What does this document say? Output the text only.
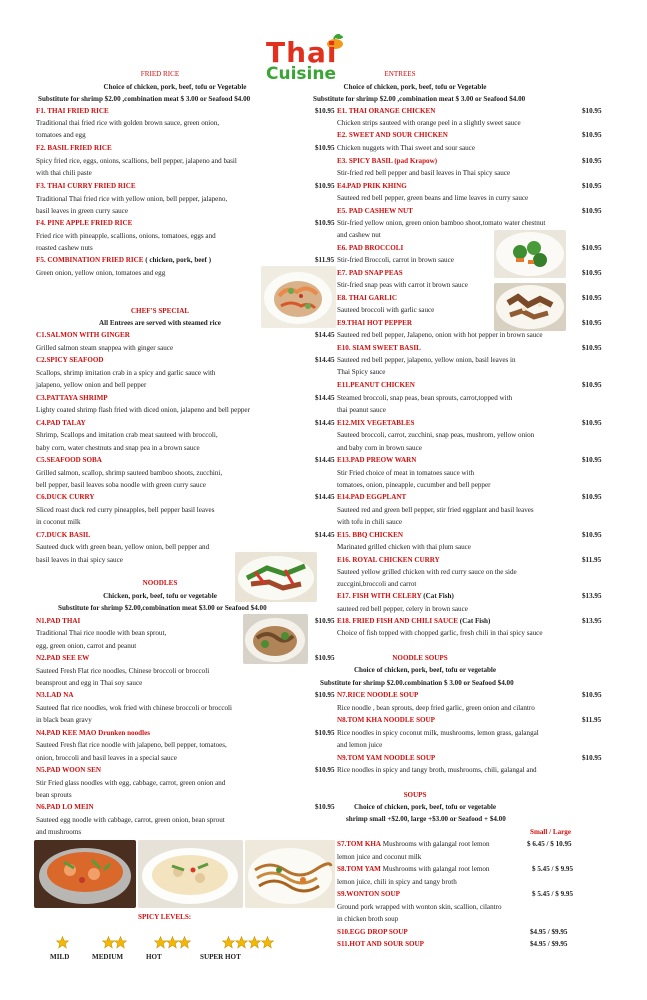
Thai
Cuisine
FRIED RICE
Choice of chicken, pork, beef, tofu or Vegetable
Substitute for shrimp $2.00 ,combination meat $ 3.00 or Seafood $4.00
F1. THAI FRIED RICE	$10.95
Traditional thai fried rice with golden brown sauce, green onion,
tomatoes and egg
F2. BASIL FRIED RICE	$10.95
Spicy fried rice, eggs, onions, scallions, bell pepper, jalapeno and basil
with thai chili paste
F3. THAI CURRY FRIED RICE	$10.95
Traditional Thai fried rice with yellow onion, bell pepper, jalapeno,
basil leaves in green curry sauce
F4. PINE APPLE FRIED RICE	$10.95
Fried rice with pineapple, scallions, onions, tomatoes, eggs and
roasted cashew nuts
F5. COMBINATION FRIED RICE ( chicken, pork, beef )	$11.95
Green onion, yellow onion, tomatoes and egg
CHEF'S SPECIAL
All Entrees are served with steamed rice
C1.SALMON WITH GINGER	$14.45
Grilled salmon steam snappea with ginger sauce
C2.SPICY SEAFOOD	$14.45
Scallops, shrimp imitation crab in a spicy and garlic sauce with
jalapeno, yellow onion and bell pepper
C3.PATTAYA SHRIMP	$14.45
Lighty coated shrimp flash fried with diced onion, jalapeno and bell pepper
C4.PAD TALAY	$14.45
Shrimp, Scallops and imitation crab meat sauteed with broccoli,
baby corn, water chestnuts and snap pea in a brown sauce
C5.SEAFOOD SOBA	$14.45
Grilled salmon, scallop, shrimp sauteed bamboo shoots, zucchini,
bell pepper, basil leaves soba noodle with green curry sauce
C6.DUCK CURRY	$14.45
Sliced roast duck red curry pineapples, bell pepper basil leaves
in coconut milk
C7.DUCK BASIL	$14.45
Sauteed duck with green bean, yellow onion, bell pepper and
basil leaves in thai spicy sauce
NOODLES
Chicken, pork, beef, tofu or vegetable
Substitute for shrimp $2.00,combination meat $3.00 or Seafood $4.00
N1.PAD THAI	$10.95
Traditional Thai rice noodle with bean sprout,
egg, green onion, carrot and peanut
N2.PAD SEE EW	$10.95
Sauteed Fresh Flat rice noodles, Chinese broccoli or broccoli
beansprout and egg in Thai soy sauce
N3.LAD NA	$10.95
Sauteed flat rice noodles, wok fried with chinese broccoli or broccoli
in black bean gravy
N4.PAD KEE MAO Drunken noodles	$10.95
Sauteed Fresh flat rice noodle with jalapeno, bell pepper, tomatoes,
onion, broccoli and basil leaves in a special sauce
N5.PAD WOON SEN	$10.95
Stir Fried glass noodles with egg, cabbage, carrot, green onion and
bean sprouts
N6.PAD LO MEIN	$10.95
Sauteed egg noodle with cabbage, carrot, green onion, bean sprout
and mushrooms
SPICY LEVELS:
MILD	MEDIUM	HOT	SUPER HOT
ENTREES
Choice of chicken, pork, beef, tofu or Vegetable
Substitute for shrimp $2.00 ,combination meat $ 3.00 or Seafood $4.00
E1. THAI ORANGE CHICKEN	$10.95
Chicken strips sauteed with orange peel in a slightly sweet sauce
E2. SWEET AND SOUR CHICKEN	$10.95
Chicken nuggets with Thai sweet and sour sauce
E3. SPICY BASIL (pad Krapow)	$10.95
Stir-fried red bell pepper and basil leaves in Thai spicy sauce
E4.PAD PRIK KHING	$10.95
Sauteed red bell pepper, green beans and lime leaves in curry sauce
E5. PAD CASHEW NUT	$10.95
Stir-fried yellow onion, green onion bamboo shoot,tomato water chestnut
and cashew nut
E6. PAD BROCCOLI	$10.95
Stir-fried Broccoli, carrot in brown sauce
E7. PAD SNAP PEAS	$10.95
Stir-fried snap peas with carrot it brown sauce
E8. THAI GARLIC	$10.95
Sauteed broccoli with garlic sauce
E9.THAI HOT PEPPER	$10.95
Sauteed red bell pepper, Jalapeno, onion with hot pepper in brown sauce
E10. SIAM SWEET BASIL	$10.95
Sauteed red bell pepper, jalapeno, yellow onion, basil leaves in
Thai Spicy sauce
E11.PEANUT CHICKEN	$10.95
Steamed broccoli, snap peas, bean sprouts, carrot,topped with
thai peanut sauce
E12.MIX VEGETABLES	$10.95
Sauteed broccoli, carrot, zucchini, snap peas, mushrom, yellow onion
and baby corn in brown sauce
E13.PAD PREOW WARN	$10.95
Stir Fried choice of meat in tomatoes sauce with
tomatoes, onion, pineapple, cucumber and bell pepper
E14.PAD EGGPLANT	$10.95
Sauteed red and green bell pepper, stir fried eggplant and basil leaves
with tofu in chili sauce
E15. BBQ CHICKEN	$10.95
Marinated grilled chicken with thai plum sauce
E16. ROYAL CHICKEN CURRY	$11.95
Sauteed yellow grilled chicken with red curry sauce on the side
zuccgini,broccoli and carrot
E17. FISH WITH CELERY (Cat Fish)	$13.95
sauteed red bell pepper, celery in brown sauce
E18. FRIED FISH AND CHILI SAUCE (Cat Fish)	$13.95
Choice of fish topped with chopped garlic, fresh chili in thai spicy sauce
NOODLE SOUPS
Choice of chicken, pork, beef, tofu or vegetable
Substitute for shrimp $2.00.combination $ 3.00 or Seafood $4.00
N7.RICE NOODLE SOUP	$10.95
Rice noodle , bean sprouts, deep fried garlic, green onion and cilantro
N8.TOM KHA NOODLE SOUP	$11.95
Rice noodles in spicy coconut milk, mushrooms, lemon grass, galangal
and lemon juice
N9.TOM YAM NOODLE SOUP	$10.95
Rice noodles in spicy and tangy broth, mushrooms, chili, galangal and
SOUPS
Choice of chicken, pork, beef, tofu or vegetable
shrimp small +$2.00, large +$3.00 or Seafood + $4.00
Small / Large
S7.TOM KHA Mushrooms with galangal root lemon	$ 6.45 / $ 10.95
lemon juice and coconut milk
S8.TOM YAM Mushrooms with galangal root lemon	$ 5.45 / $ 9.95
lemon juice, chili in spicy and tangy broth
S9.WONTON SOUP	$ 5.45 / $ 9.95
Ground pork wrapped with wonton skin, scallion, cilantro
in chicken broth soup
S10.EGG DROP SOUP	$4.95 / $9.95
S11.HOT AND SOUR SOUP	$4.95 / $9.95
